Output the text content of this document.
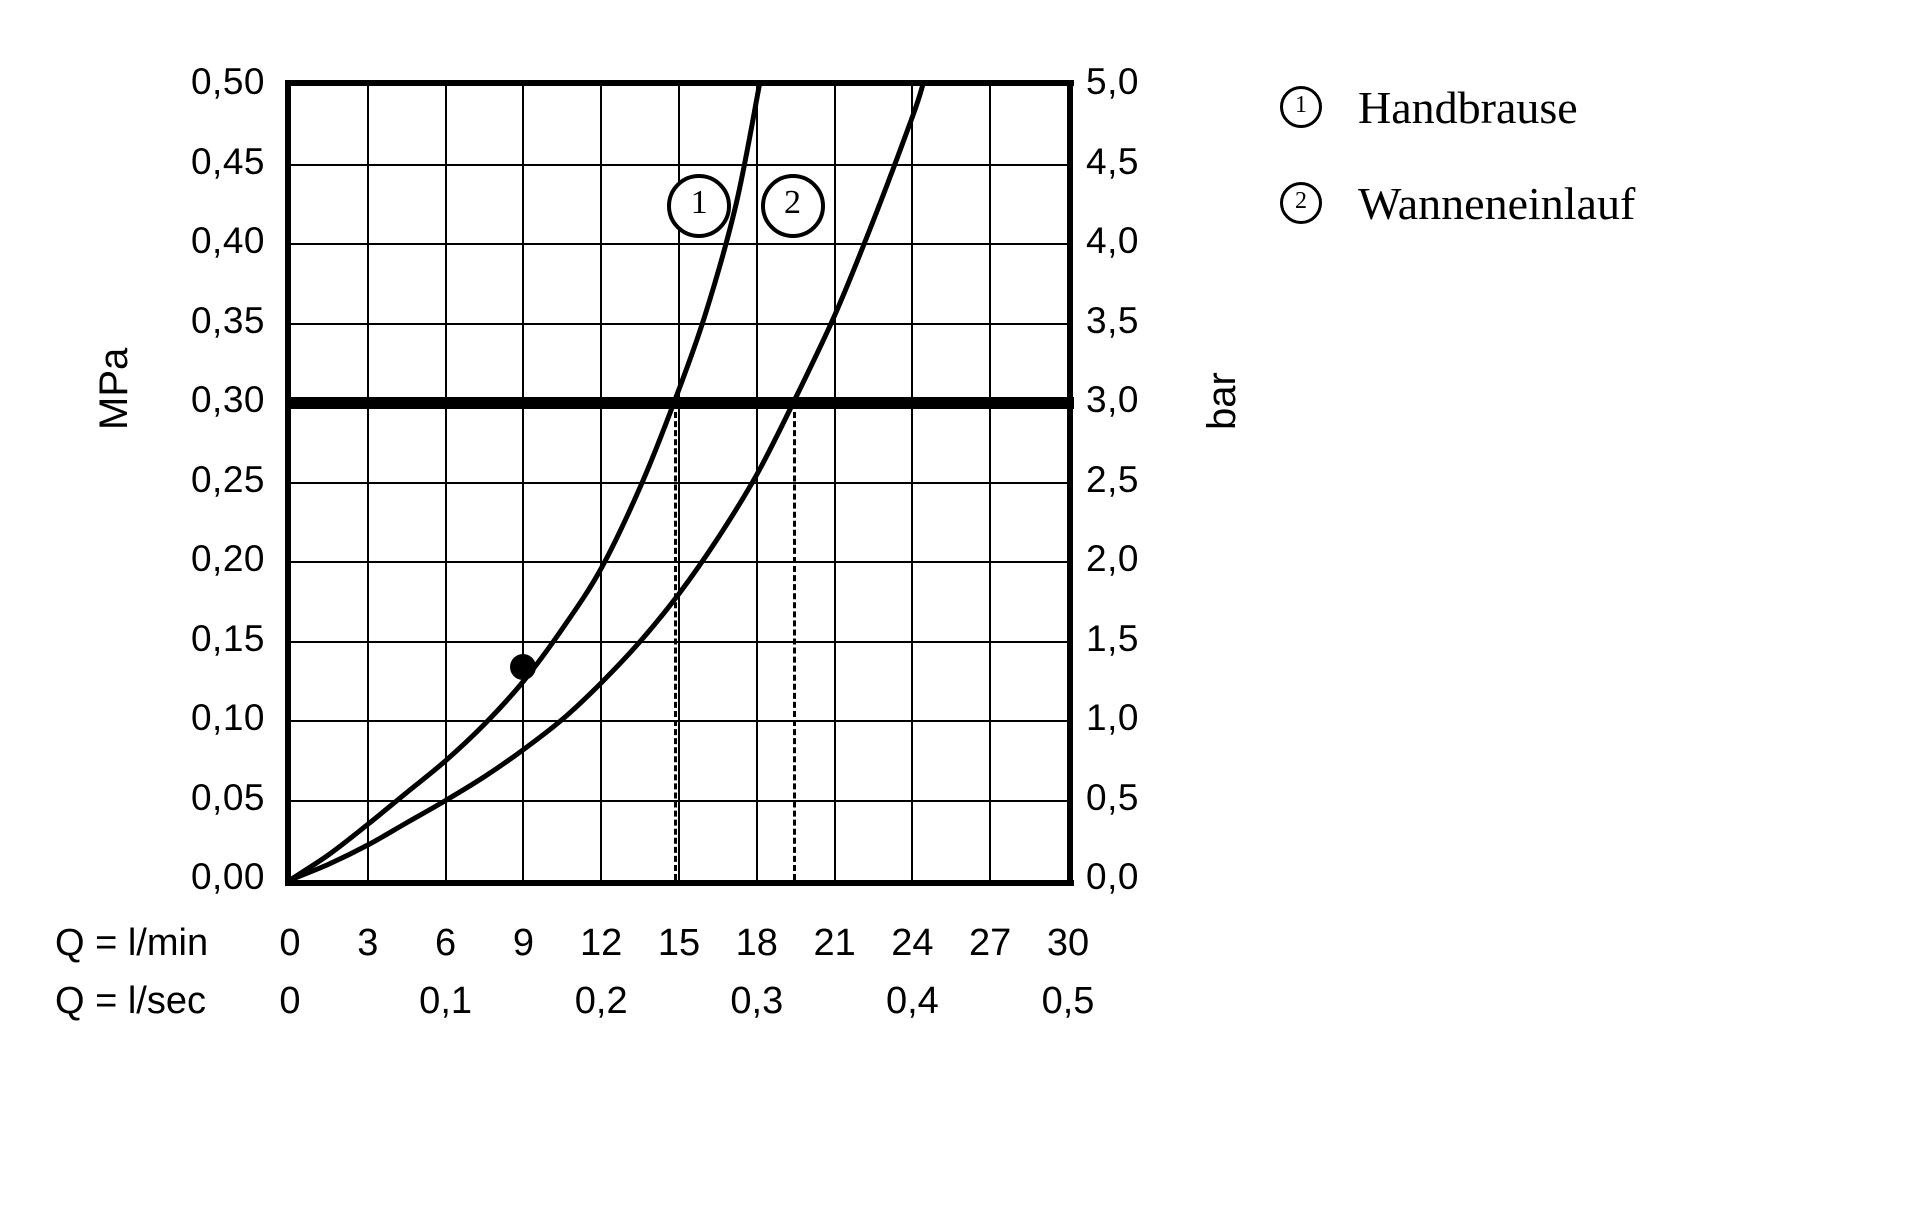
MPa	bar
0,50
0,45
0,40
0,35
0,30
0,25
0,20
0,15
0,10
0,05
0,00
5,0
4,5
4,0
3,5
3,0
2,5
2,0
1,5
1,0
0,5
0,0
1	2
Q = l/min
Q = l/sec
0 3 6 9 12 15 18 21 24 27 30
0	0,1	0,2	0,3	0,4	0,5
1	Handbrause
2	Wanneneinlauf
